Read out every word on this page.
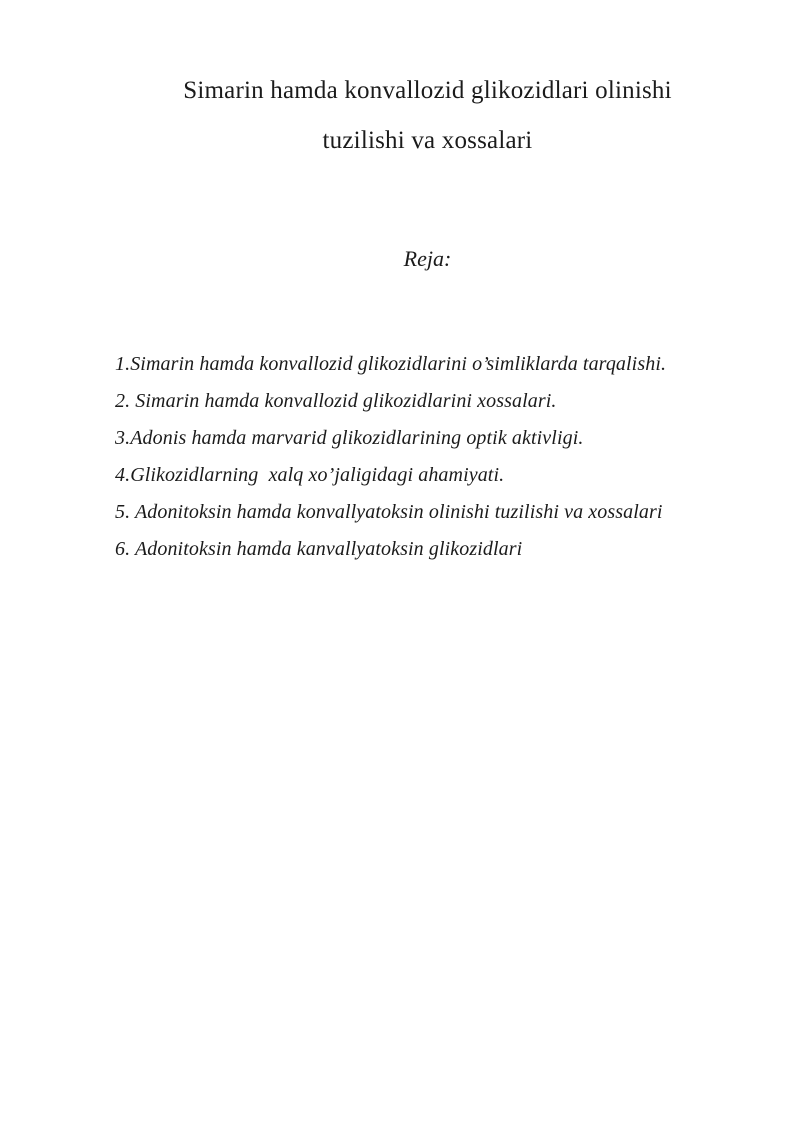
Simarin hamda konvallozid glikozidlari olinishi
tuzilishi va xossalari

Reja:

1.Simarin hamda konvallozid glikozidlarini o’simliklarda tarqalishi.

2. Simarin hamda konvallozid glikozidlarini xossalari.

3.Adonis hamda marvarid glikozidlarining optik aktivligi.

4.Glikozidlarning  xalq xo’jaligidagi ahamiyati.

5. Adonitoksin hamda konvallyatoksin olinishi tuzilishi va xossalari

6. Adonitoksin hamda kanvallyatoksin glikozidlari
